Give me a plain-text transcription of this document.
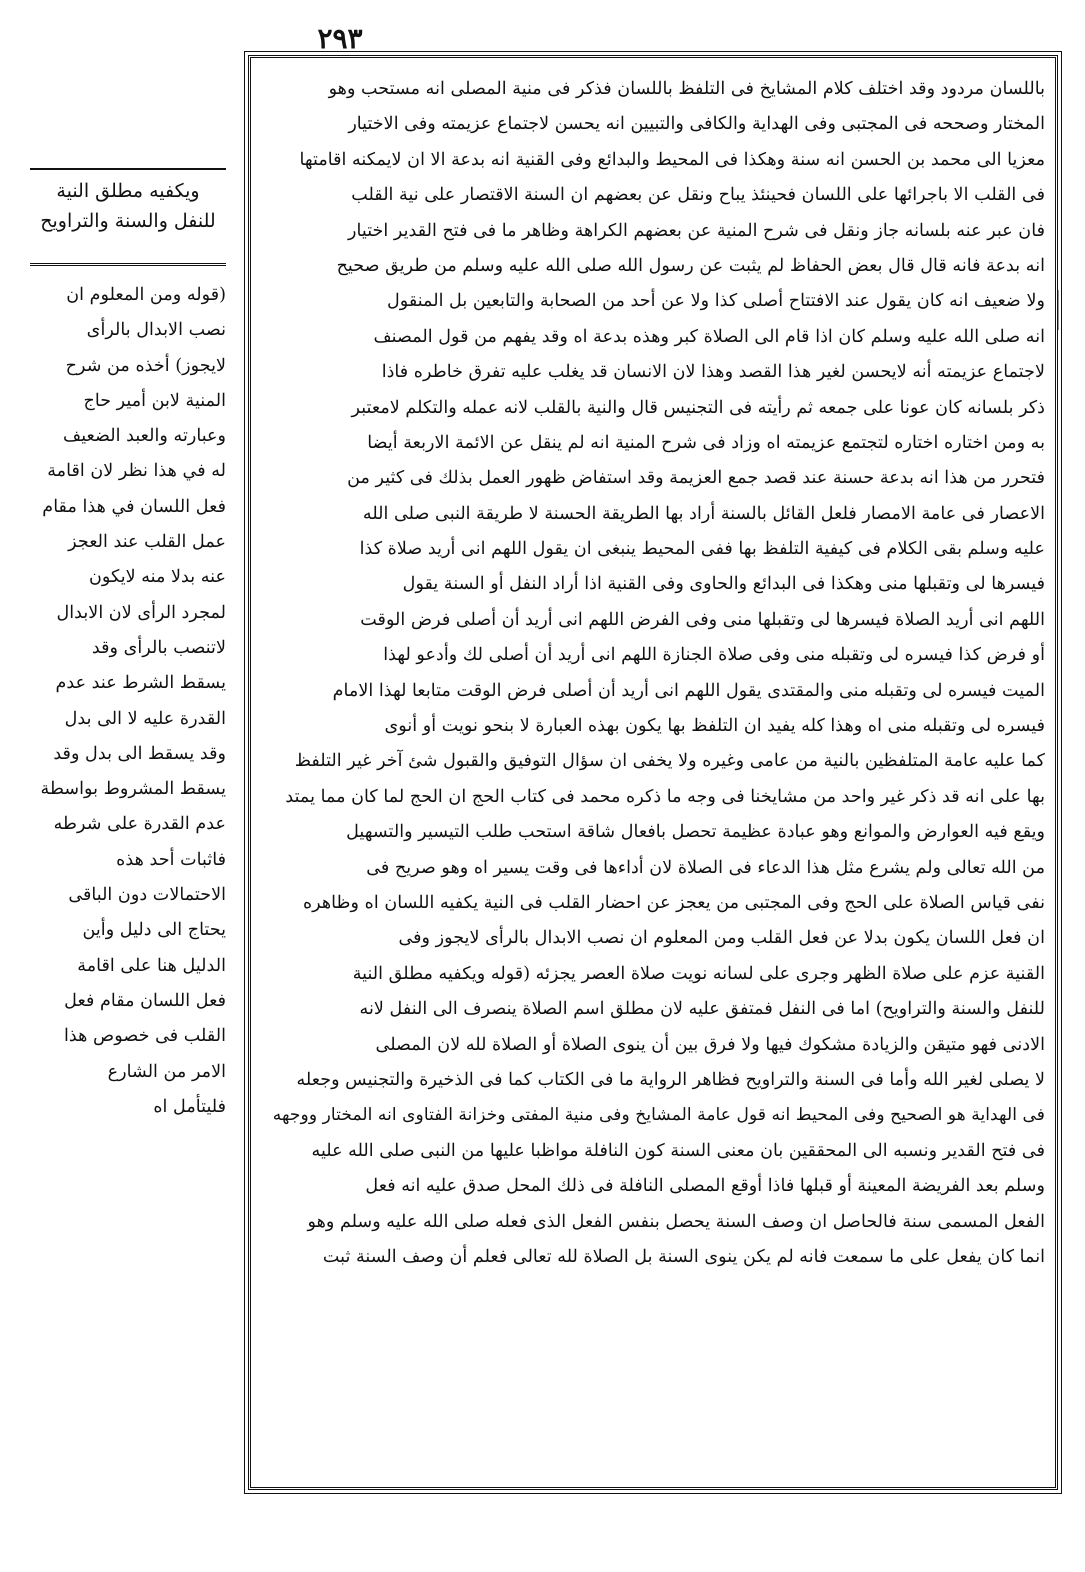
٢٩٣
ويكفيه مطلق النية
للنفل والسنة والتراويح
(قوله ومن المعلوم ان
نصب الابدال بالرأى
لايجوز) أخذه من شرح
المنية لابن أمير حاج
وعبارته والعبد الضعيف
له في هذا نظر لان اقامة
فعل اللسان في هذا مقام
عمل القلب عند العجز
عنه بدلا منه لايكون
لمجرد الرأى لان الابدال
لاتنصب بالرأى وقد
يسقط الشرط عند عدم
القدرة عليه لا الى بدل
وقد يسقط الى بدل وقد
يسقط المشروط بواسطة
عدم القدرة على شرطه
فاثبات أحد هذه
الاحتمالات دون الباقى
يحتاج الى دليل وأين
الدليل هنا على اقامة
فعل اللسان مقام فعل
القلب فى خصوص هذا
الامر من الشارع
فليتأمل اه
باللسان مردود وقد اختلف كلام المشايخ فى التلفظ باللسان فذكر فى منية المصلى انه مستحب وهو
المختار وصححه فى المجتبى وفى الهداية والكافى والتبيين انه يحسن لاجتماع عزيمته وفى الاختيار
معزيا الى محمد بن الحسن انه سنة وهكذا فى المحيط والبدائع وفى القنية انه بدعة الا ان لايمكنه اقامتها
فى القلب الا باجرائها على اللسان فحينئذ يباح ونقل عن بعضهم ان السنة الاقتصار على نية القلب
فان عبر عنه بلسانه جاز ونقل فى شرح المنية عن بعضهم الكراهة وظاهر ما فى فتح القدير اختيار
انه بدعة فانه قال قال بعض الحفاظ لم يثبت عن رسول الله صلى الله عليه وسلم من طريق صحيح
ولا ضعيف انه كان يقول عند الافتتاح أصلى كذا ولا عن أحد من الصحابة والتابعين بل المنقول
انه صلى الله عليه وسلم كان اذا قام الى الصلاة كبر وهذه بدعة اه وقد يفهم من قول المصنف
لاجتماع عزيمته أنه لايحسن لغير هذا القصد وهذا لان الانسان قد يغلب عليه تفرق خاطره فاذا
ذكر بلسانه كان عونا على جمعه ثم رأيته فى التجنيس قال والنية بالقلب لانه عمله والتكلم لامعتبر
به ومن اختاره اختاره لتجتمع عزيمته اه وزاد فى شرح المنية انه لم ينقل عن الائمة الاربعة أيضا
فتحرر من هذا انه بدعة حسنة عند قصد جمع العزيمة وقد استفاض ظهور العمل بذلك فى كثير من
الاعصار فى عامة الامصار فلعل القائل بالسنة أراد بها الطريقة الحسنة لا طريقة النبى صلى الله
عليه وسلم بقى الكلام فى كيفية التلفظ بها ففى المحيط ينبغى ان يقول اللهم انى أريد صلاة كذا
فيسرها لى وتقبلها منى وهكذا فى البدائع والحاوى وفى القنية اذا أراد النفل أو السنة يقول
اللهم انى أريد الصلاة فيسرها لى وتقبلها منى وفى الفرض اللهم انى أريد أن أصلى فرض الوقت
أو فرض كذا فيسره لى وتقبله منى وفى صلاة الجنازة اللهم انى أريد أن أصلى لك وأدعو لهذا
الميت فيسره لى وتقبله منى والمقتدى يقول اللهم انى أريد أن أصلى فرض الوقت متابعا لهذا الامام
فيسره لى وتقبله منى اه وهذا كله يفيد ان التلفظ بها يكون بهذه العبارة لا بنحو نويت أو أنوى
كما عليه عامة المتلفظين بالنية من عامى وغيره ولا يخفى ان سؤال التوفيق والقبول شئ آخر غير التلفظ
بها على انه قد ذكر غير واحد من مشايخنا فى وجه ما ذكره محمد فى كتاب الحج ان الحج لما كان مما يمتد
ويقع فيه العوارض والموانع وهو عبادة عظيمة تحصل بافعال شاقة استحب طلب التيسير والتسهيل
من الله تعالى ولم يشرع مثل هذا الدعاء فى الصلاة لان أداءها فى وقت يسير اه وهو صريح فى
نفى قياس الصلاة على الحج وفى المجتبى من يعجز عن احضار القلب فى النية يكفيه اللسان اه وظاهره
ان فعل اللسان يكون بدلا عن فعل القلب ومن المعلوم ان نصب الابدال بالرأى لايجوز وفى
القنية عزم على صلاة الظهر وجرى على لسانه نويت صلاة العصر يجزئه (قوله ويكفيه مطلق النية
للنفل والسنة والتراويح) اما فى النفل فمتفق عليه لان مطلق اسم الصلاة ينصرف الى النفل لانه
الادنى فهو متيقن والزيادة مشكوك فيها ولا فرق بين أن ينوى الصلاة أو الصلاة لله لان المصلى
لا يصلى لغير الله وأما فى السنة والتراويح فظاهر الرواية ما فى الكتاب كما فى الذخيرة والتجنيس وجعله
فى الهداية هو الصحيح وفى المحيط انه قول عامة المشايخ وفى منية المفتى وخزانة الفتاوى انه المختار ووجهه
فى فتح القدير ونسبه الى المحققين بان معنى السنة كون النافلة مواظبا عليها من النبى صلى الله عليه
وسلم بعد الفريضة المعينة أو قبلها فاذا أوقع المصلى النافلة فى ذلك المحل صدق عليه انه فعل
الفعل المسمى سنة فالحاصل ان وصف السنة يحصل بنفس الفعل الذى فعله صلى الله عليه وسلم وهو
انما كان يفعل على ما سمعت فانه لم يكن ينوى السنة بل الصلاة لله تعالى فعلم أن وصف السنة ثبت
